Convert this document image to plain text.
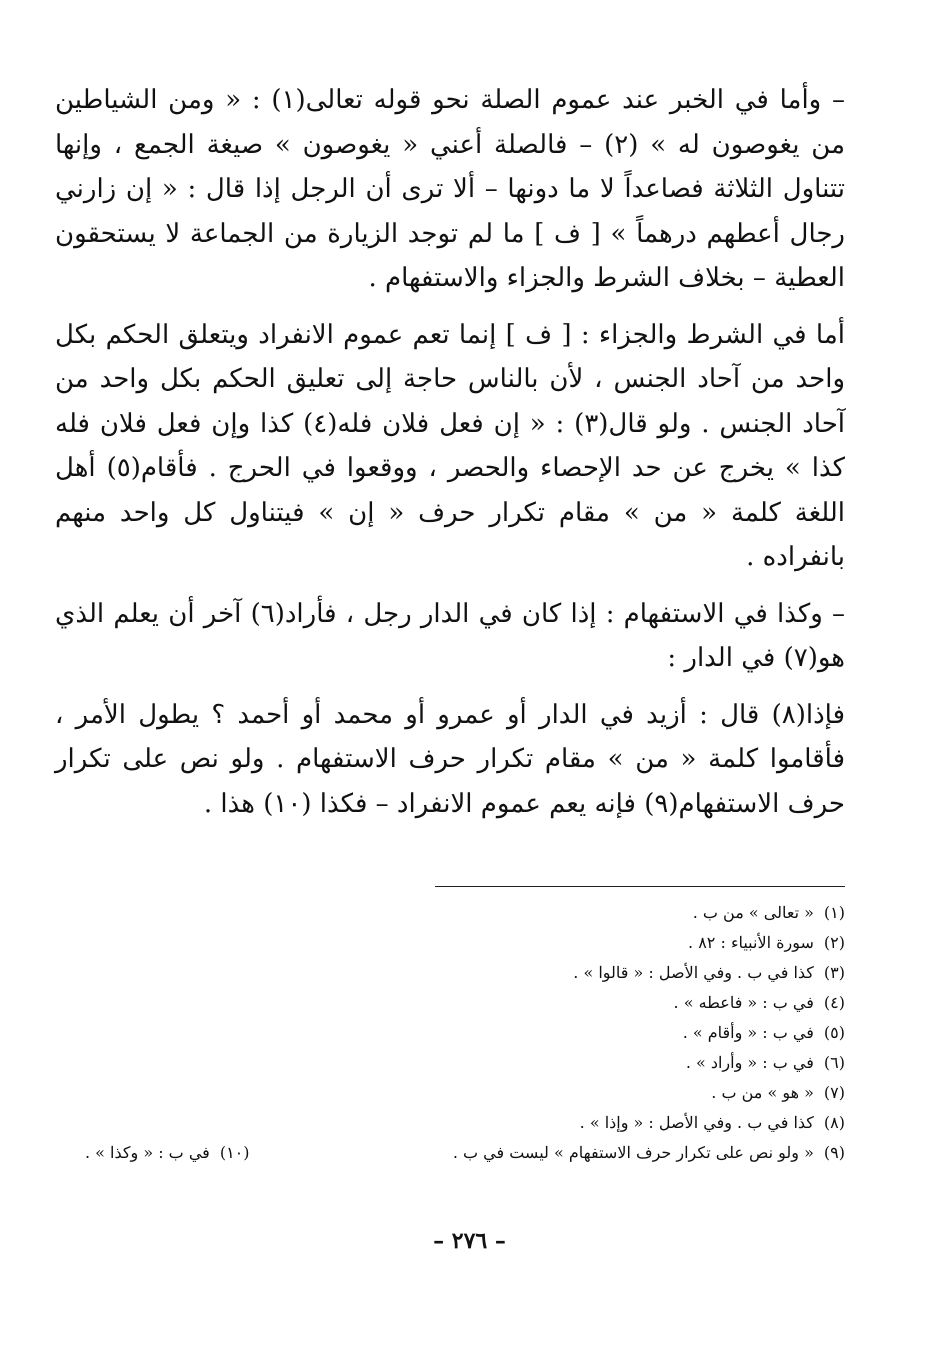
– وأما في الخبر عند عموم الصلة نحو قوله تعالى(١) : « ومن الشياطين من يغوصون له » (٢) – فالصلة أعني « يغوصون » صيغة الجمع ، وإنها تتناول الثلاثة فصاعداً لا ما دونها – ألا ترى أن الرجل إذا قال : « إن زارني رجال أعطهم درهماً » [ ف ] ما لم توجد الزيارة من الجماعة لا يستحقون العطية – بخلاف الشرط والجزاء والاستفهام .

أما في الشرط والجزاء : [ ف ] إنما تعم عموم الانفراد ويتعلق الحكم بكل واحد من آحاد الجنس ، لأن بالناس حاجة إلى تعليق الحكم بكل واحد من آحاد الجنس . ولو قال(٣) : « إن فعل فلان فله(٤) كذا وإن فعل فلان فله كذا » يخرج عن حد الإحصاء والحصر ، ووقعوا في الحرج . فأقام(٥) أهل اللغة كلمة « من » مقام تكرار حرف « إن » فيتناول كل واحد منهم بانفراده .

– وكذا في الاستفهام : إذا كان في الدار رجل ، فأراد(٦) آخر أن يعلم الذي هو(٧) في الدار :

فإذا(٨) قال : أزيد في الدار أو عمرو أو محمد أو أحمد ؟ يطول الأمر ، فأقاموا كلمة « من » مقام تكرار حرف الاستفهام . ولو نص على تكرار حرف الاستفهام(٩) فإنه يعم عموم الانفراد – فكذا (١٠) هذا .

(١)« تعالى » من ب .
(٢)سورة الأنبياء : ٨٢ .
(٣)كذا في ب . وفي الأصل : « قالوا » .
(٤)في ب : « فاعطه » .
(٥)في ب : « وأقام » .
(٦)في ب : « وأراد » .
(٧)« هو » من ب .
(٨)كذا في ب . وفي الأصل : « وإذا » .
(٩)« ولو نص على تكرار حرف الاستفهام » ليست في ب .
(١٠)في ب : « وكذا » .
– ٢٧٦ –
